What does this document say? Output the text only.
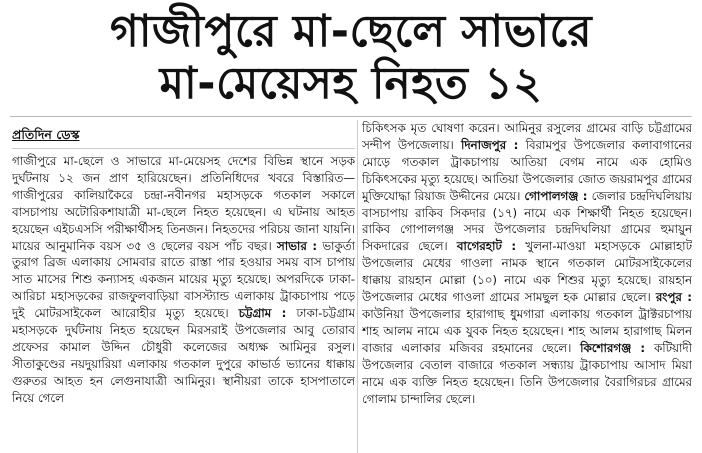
গাজীপুরে মা-ছেলে সাভারে
মা-মেয়েসহ নিহত ১২
প্রতিদিন ডেস্ক

গাজীপুরে মা-ছেলে ও সাভারে মা-মেয়েসহ দেশের বিভিন্ন স্থানে সড়ক দুর্ঘটনায় ১২ জন প্রাণ হারিয়েছেন। প্রতিনিধিদের খবরে বিস্তারিত— গাজীপুরের কালিয়াকৈরে চন্দ্রা-নবীনগর মহাসড়কে গতকাল সকালে বাসচাপায় অটোরিকশাযাত্রী মা-ছেলে নিহত হয়েছেন। এ ঘটনায় আহত হয়েছেন এইচএসসি পরীক্ষার্থীসহ তিনজন। নিহতদের পরিচয় জানা যায়নি। মায়ের আনুমানিক বয়স ৩৫ ও ছেলের বয়স পাঁচ বছর। সাভার : ভাকুর্তা তুরাগ ব্রিজ এলাকায় সোমবার রাতে রাস্তা পার হওয়ার সময় বাস চাপায় সাত মাসের শিশু কন্যাসহ একজন মায়ের মৃত্যু হয়েছে। অপরদিকে ঢাকা-আরিচা মহাসড়কের রাজফুলবাড়িয়া বাসস্ট্যান্ড এলাকায় ট্রাকচাপায় পড়ে দুই মোটরসাইকেল আরোহীর মৃত্যু হয়েছে। চট্টগ্রাম : ঢাকা-চট্টগ্রাম মহাসড়কে দুর্ঘটনায় নিহত হয়েছেন মিরসরাই উপজেলার আবু তোরাব প্রফেসর কামাল উদ্দিন চৌধুরী কলেজের অধ্যক্ষ আমিনুর রসুল। সীতাকুণ্ডের নয়দুয়ারিয়া এলাকায় গতকাল দুপুরে কাভার্ড ভ্যানের ধাক্কায় গুরুতর আহত হন লেগুনাযাত্রী আমিনুর। স্থানীয়রা তাকে হাসপাতালে নিয়ে গেলে

চিকিৎসক মৃত ঘোষণা করেন। আমিনুর রসুলের গ্রামের বাড়ি চট্টগ্রামের সন্দীপ উপজেলায়। দিনাজপুর : বিরামপুর উপজেলার কলাবাগানের মোড়ে গতকাল ট্রাকচাপায় আতিয়া বেগম নামে এক হোমিও চিকিৎসকের মৃত্যু হয়েছে। আতিয়া উপজেলার জোত জয়রামপুর গ্রামের মুক্তিযোদ্ধা রিয়াজ উদ্দীনের মেয়ে। গোপালগঞ্জ : জেলার চন্দ্রদিঘলিয়ায় বাসচাপায় রাকিব সিকদার (১৭) নামে এক শিক্ষার্থী নিহত হয়েছেন। রাকিব গোপালগঞ্জ সদর উপজেলার চন্দ্রদিঘলিয়া গ্রামের হুমায়ুন সিকদারের ছেলে। বাগেরহাট : খুলনা-মাওয়া মহাসড়কে মোল্লাহাট উপজেলার মেধের গাওলা নামক স্থানে গতকাল মোটরসাইকেলের ধাক্কায় রায়হান মোল্লা (১০) নামে এক শিশুর মৃত্যু হয়েছে। রায়হান উপজেলার মেধের গাওলা গ্রামের সামছুল হক মোল্লার ছেলে। রংপুর : কাউনিয়া উপজেলার হারাগাছ ধুমগারা এলাকায় গতকাল ট্রাক্টরচাপায় শাহ আলম নামে এক যুবক নিহত হয়েছেন। শাহ আলম হারাগাছ মিলন বাজার এলাকার মজিবর রহমানের ছেলে। কিশোরগঞ্জ : কটিয়াদী উপজেলার বেতাল বাজারে গতকাল সন্ধ্যায় ট্রাকচাপায় আসাদ মিয়া নামে এক ব্যক্তি নিহত হয়েছেন। তিনি উপজেলার বৈরাগিরচর গ্রামের গোলাম চান্দালির ছেলে।
